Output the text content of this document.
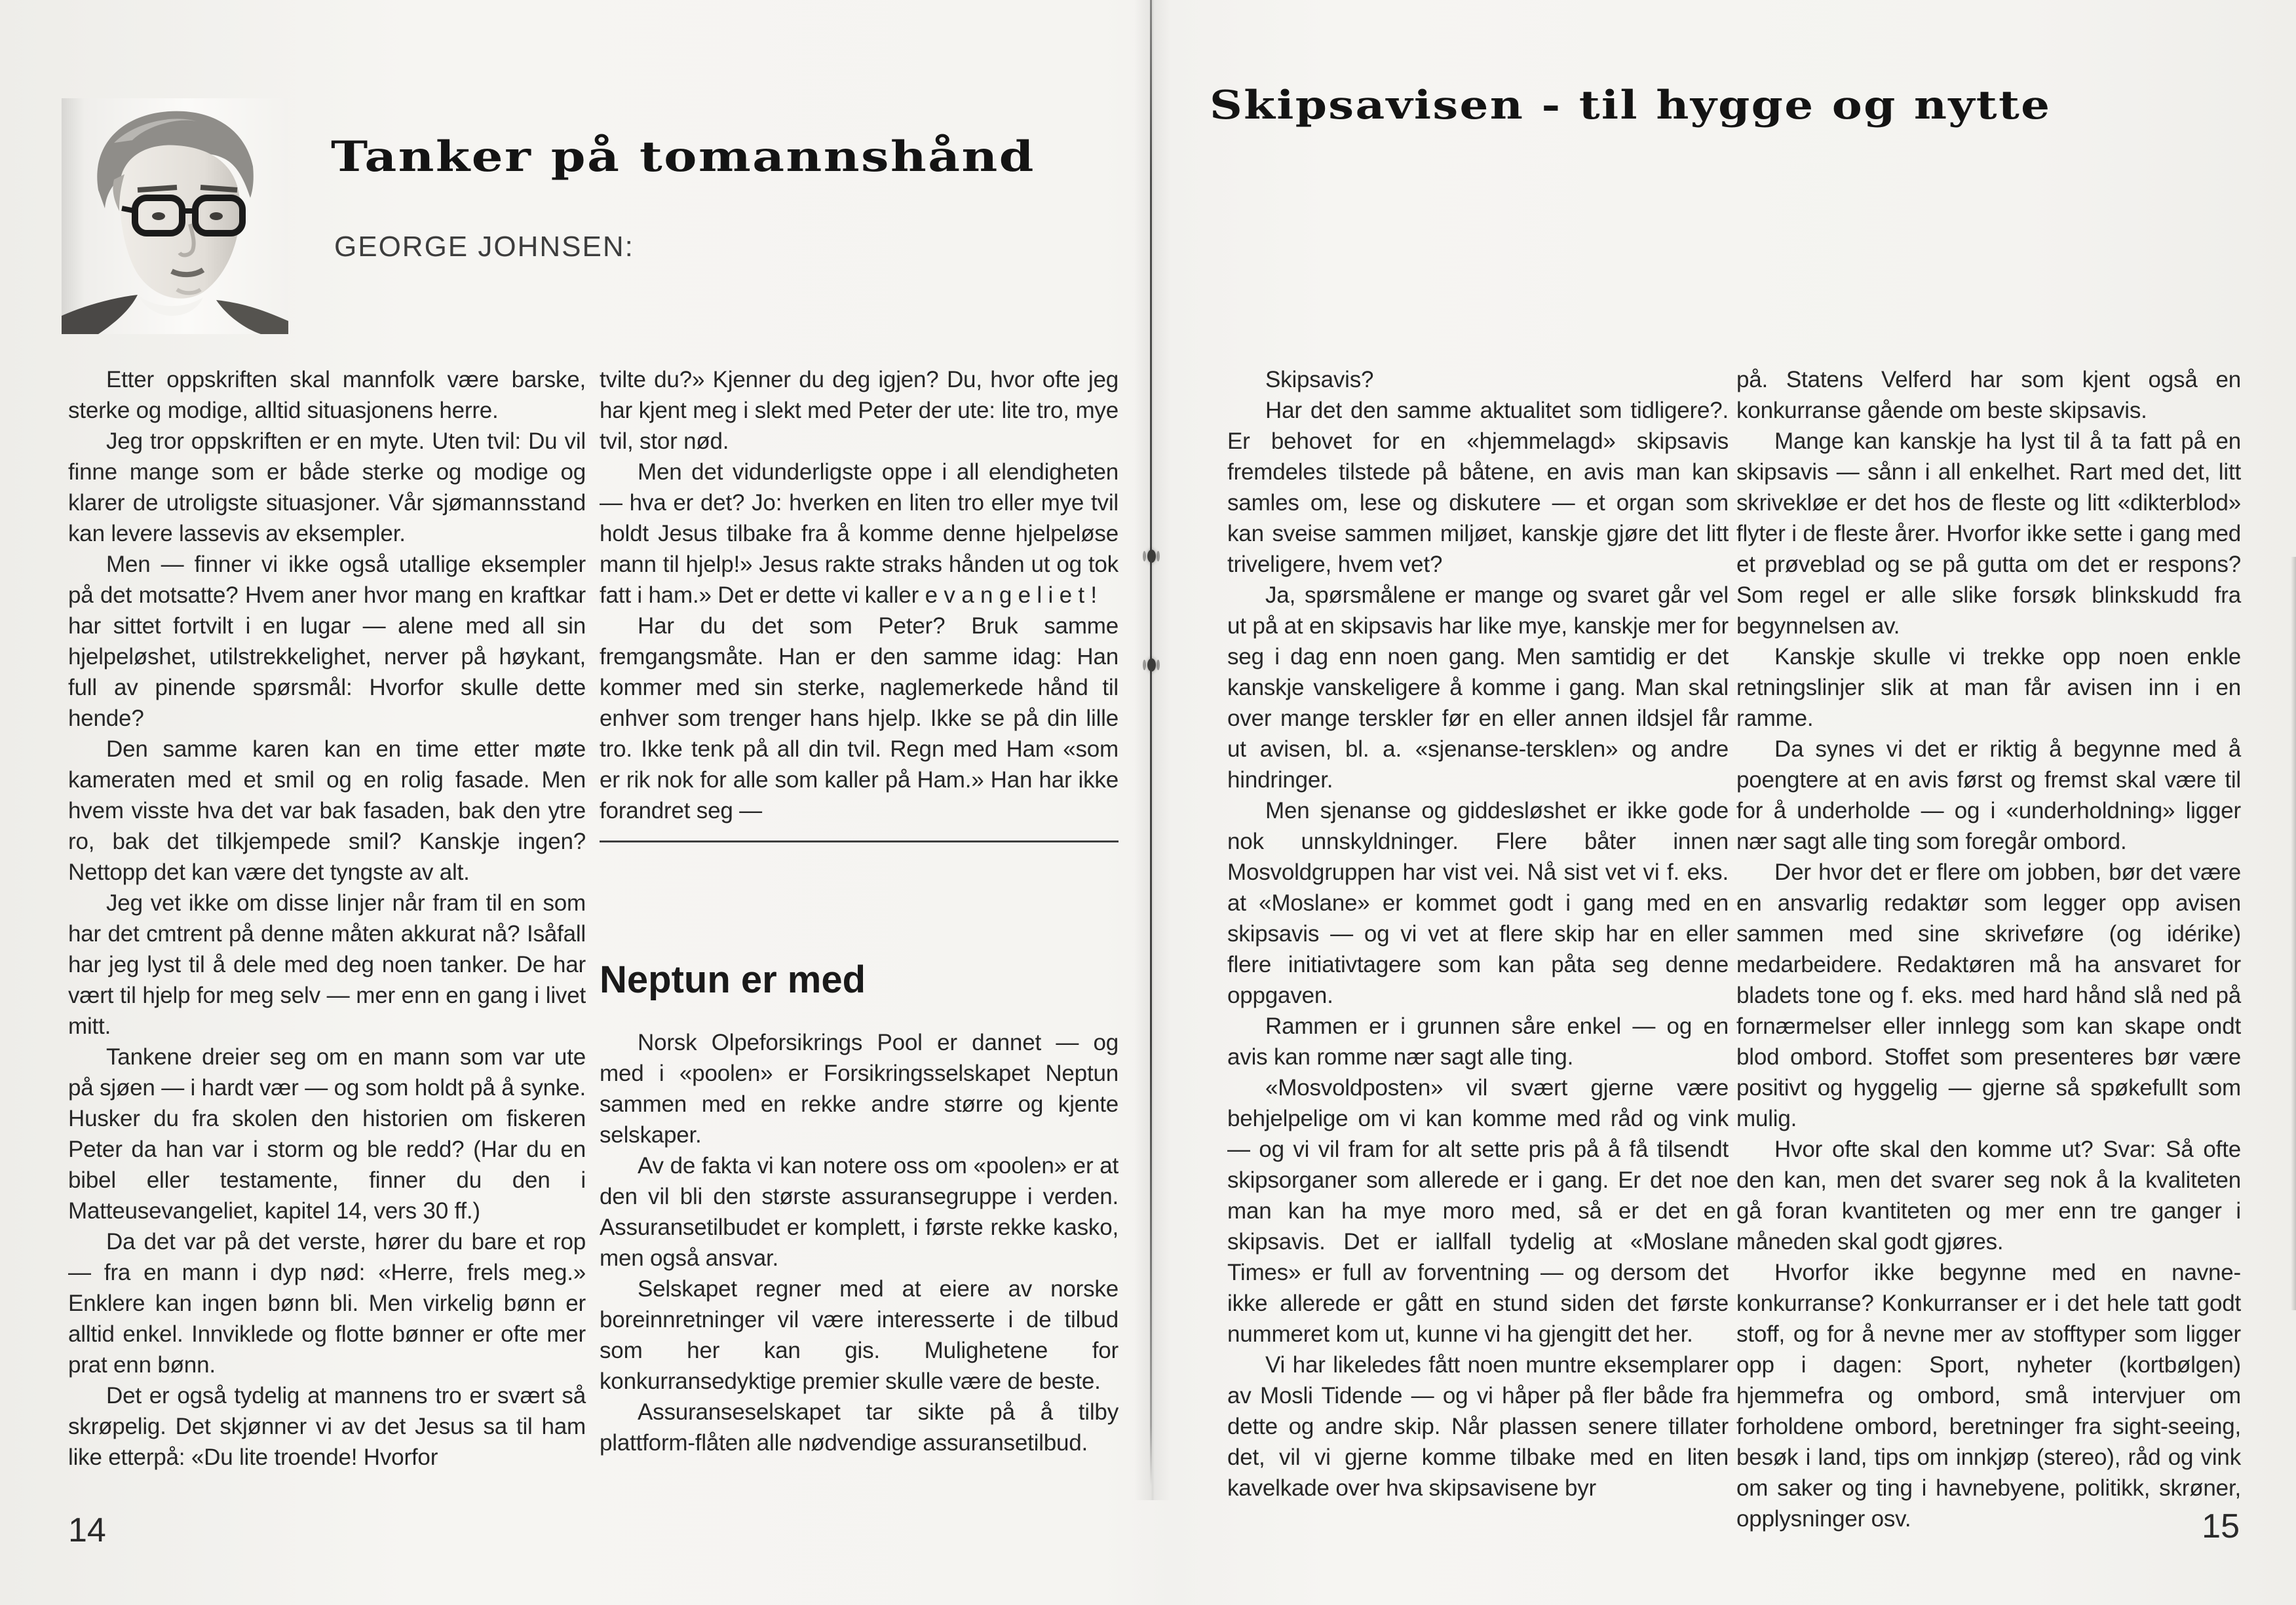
Tanker på tomannshånd
GEORGE JOHNSEN:

Etter oppskriften skal mannfolk være barske, sterke og modige, alltid situasjonens herre.

Jeg tror oppskriften er en myte. Uten tvil: Du vil finne mange som er både sterke og modige og klarer de utroligste situasjoner. Vår sjømannsstand kan levere lassevis av eksempler.

Men — finner vi ikke også utallige eksempler på det motsatte? Hvem aner hvor mang en kraftkar har sittet fortvilt i en lugar — alene med all sin hjelpeløshet, utilstrekkelighet, nerver på høykant, full av pinende spørsmål: Hvorfor skulle dette hende?

Den samme karen kan en time etter møte kameraten med et smil og en rolig fasade. Men hvem visste hva det var bak fasaden, bak den ytre ro, bak det tilkjempede smil? Kanskje ingen? Nettopp det kan være det tyngste av alt.

Jeg vet ikke om disse linjer når fram til en som har det cmtrent på denne måten akkurat nå? Isåfall har jeg lyst til å dele med deg noen tanker. De har vært til hjelp for meg selv — mer enn en gang i livet mitt.

Tankene dreier seg om en mann som var ute på sjøen — i hardt vær — og som holdt på å synke. Husker du fra skolen den historien om fiskeren Peter da han var i storm og ble redd? (Har du en bibel eller testamente, finner du den i Matteusevangeliet, kapitel 14, vers 30 ff.)

Da det var på det verste, hører du bare et rop — fra en mann i dyp nød: «Herre, frels meg.» Enklere kan ingen bønn bli. Men virkelig bønn er alltid enkel. Innviklede og flotte bønner er ofte mer prat enn bønn.

Det er også tydelig at mannens tro er svært så skrøpelig. Det skjønner vi av det Jesus sa til ham like etterpå: «Du lite troende! Hvorfor

tvilte du?» Kjenner du deg igjen? Du, hvor ofte jeg har kjent meg i slekt med Peter der ute: lite tro, mye tvil, stor nød.

Men det vidunderligste oppe i all elendigheten — hva er det? Jo: hverken en liten tro eller mye tvil holdt Jesus tilbake fra å komme denne hjelpeløse mann til hjelp!» Jesus rakte straks hånden ut og tok fatt i ham.» Det er dette vi kaller e v a n g e l i e t !

Har du det som Peter? Bruk samme fremgangsmåte. Han er den samme idag: Han kommer med sin sterke, naglemerkede hånd til enhver som trenger hans hjelp. Ikke se på din lille tro. Ikke tenk på all din tvil. Regn med Ham «som er rik nok for alle som kaller på Ham.» Han har ikke forandret seg —

Neptun er med

Norsk Olpeforsikrings Pool er dannet — og med i «poolen» er Forsikringsselskapet Neptun sammen med en rekke andre større og kjente selskaper.

Av de fakta vi kan notere oss om «poolen» er at den vil bli den største assuransegruppe i verden. Assuransetilbudet er komplett, i første rekke kasko, men også ansvar.

Selskapet regner med at eiere av norske boreinnretninger vil være interesserte i de tilbud som her kan gis. Mulighetene for konkurransedyktige premier skulle være de beste.

Assuranseselskapet tar sikte på å tilby plattform-flåten alle nødvendige assuransetilbud.

14
Skipsavisen - til hygge og nytte

Skipsavis?

Har det den samme aktualitet som tidligere?. Er behovet for en «hjemmelagd» skipsavis fremdeles tilstede på båtene, en avis man kan samles om, lese og diskutere — et organ som kan sveise sammen miljøet, kanskje gjøre det litt triveligere, hvem vet?

Ja, spørsmålene er mange og svaret går vel ut på at en skipsavis har like mye, kanskje mer for seg i dag enn noen gang. Men samtidig er det kanskje vanskeligere å komme i gang. Man skal over mange terskler før en eller annen ildsjel får ut avisen, bl. a. «sjenanse-tersklen» og andre hindringer.

Men sjenanse og giddesløshet er ikke gode nok unnskyldninger. Flere båter innen Mosvoldgruppen har vist vei. Nå sist vet vi f. eks. at «Moslane» er kommet godt i gang med en skipsavis — og vi vet at flere skip har en eller flere initiativtagere som kan påta seg denne oppgaven.

Rammen er i grunnen såre enkel — og en avis kan romme nær sagt alle ting.

«Mosvoldposten» vil svært gjerne være behjelpelige om vi kan komme med råd og vink — og vi vil fram for alt sette pris på å få tilsendt skipsorganer som allerede er i gang. Er det noe man kan ha mye moro med, så er det en skipsavis. Det er iallfall tydelig at «Moslane Times» er full av forventning — og dersom det ikke allerede er gått en stund siden det første nummeret kom ut, kunne vi ha gjengitt det her.

Vi har likeledes fått noen muntre eksemplarer av Mosli Tidende — og vi håper på fler både fra dette og andre skip. Når plassen senere tillater det, vil vi gjerne komme tilbake med en liten kavelkade over hva skipsavisene byr

på. Statens Velferd har som kjent også en konkurranse gående om beste skipsavis.

Mange kan kanskje ha lyst til å ta fatt på en skipsavis — sånn i all enkelhet. Rart med det, litt skrivekløe er det hos de fleste og litt «dikterblod» flyter i de fleste årer. Hvorfor ikke sette i gang med et prøveblad og se på gutta om det er respons? Som regel er alle slike forsøk blinkskudd fra begynnelsen av.

Kanskje skulle vi trekke opp noen enkle retningslinjer slik at man får avisen inn i en ramme.

Da synes vi det er riktig å begynne med å poengtere at en avis først og fremst skal være til for å underholde — og i «underholdning» ligger nær sagt alle ting som foregår ombord.

Der hvor det er flere om jobben, bør det være en ansvarlig redaktør som legger opp avisen sammen med sine skriveføre (og idérike) medarbeidere. Redaktøren må ha ansvaret for bladets tone og f. eks. med hard hånd slå ned på fornærmelser eller innlegg som kan skape ondt blod ombord. Stoffet som presenteres bør være positivt og hyggelig — gjerne så spøkefullt som mulig.

Hvor ofte skal den komme ut? Svar: Så ofte den kan, men det svarer seg nok å la kvaliteten gå foran kvantiteten og mer enn tre ganger i måneden skal godt gjøres.

Hvorfor ikke begynne med en navne-konkurranse? Konkurranser er i det hele tatt godt stoff, og for å nevne mer av stofftyper som ligger opp i dagen: Sport, nyheter (kortbølgen) hjemmefra og ombord, små intervjuer om forholdene ombord, beretninger fra sight-seeing, besøk i land, tips om innkjøp (stereo), råd og vink om saker og ting i havnebyene, politikk, skrøner, opplysninger osv.	15
